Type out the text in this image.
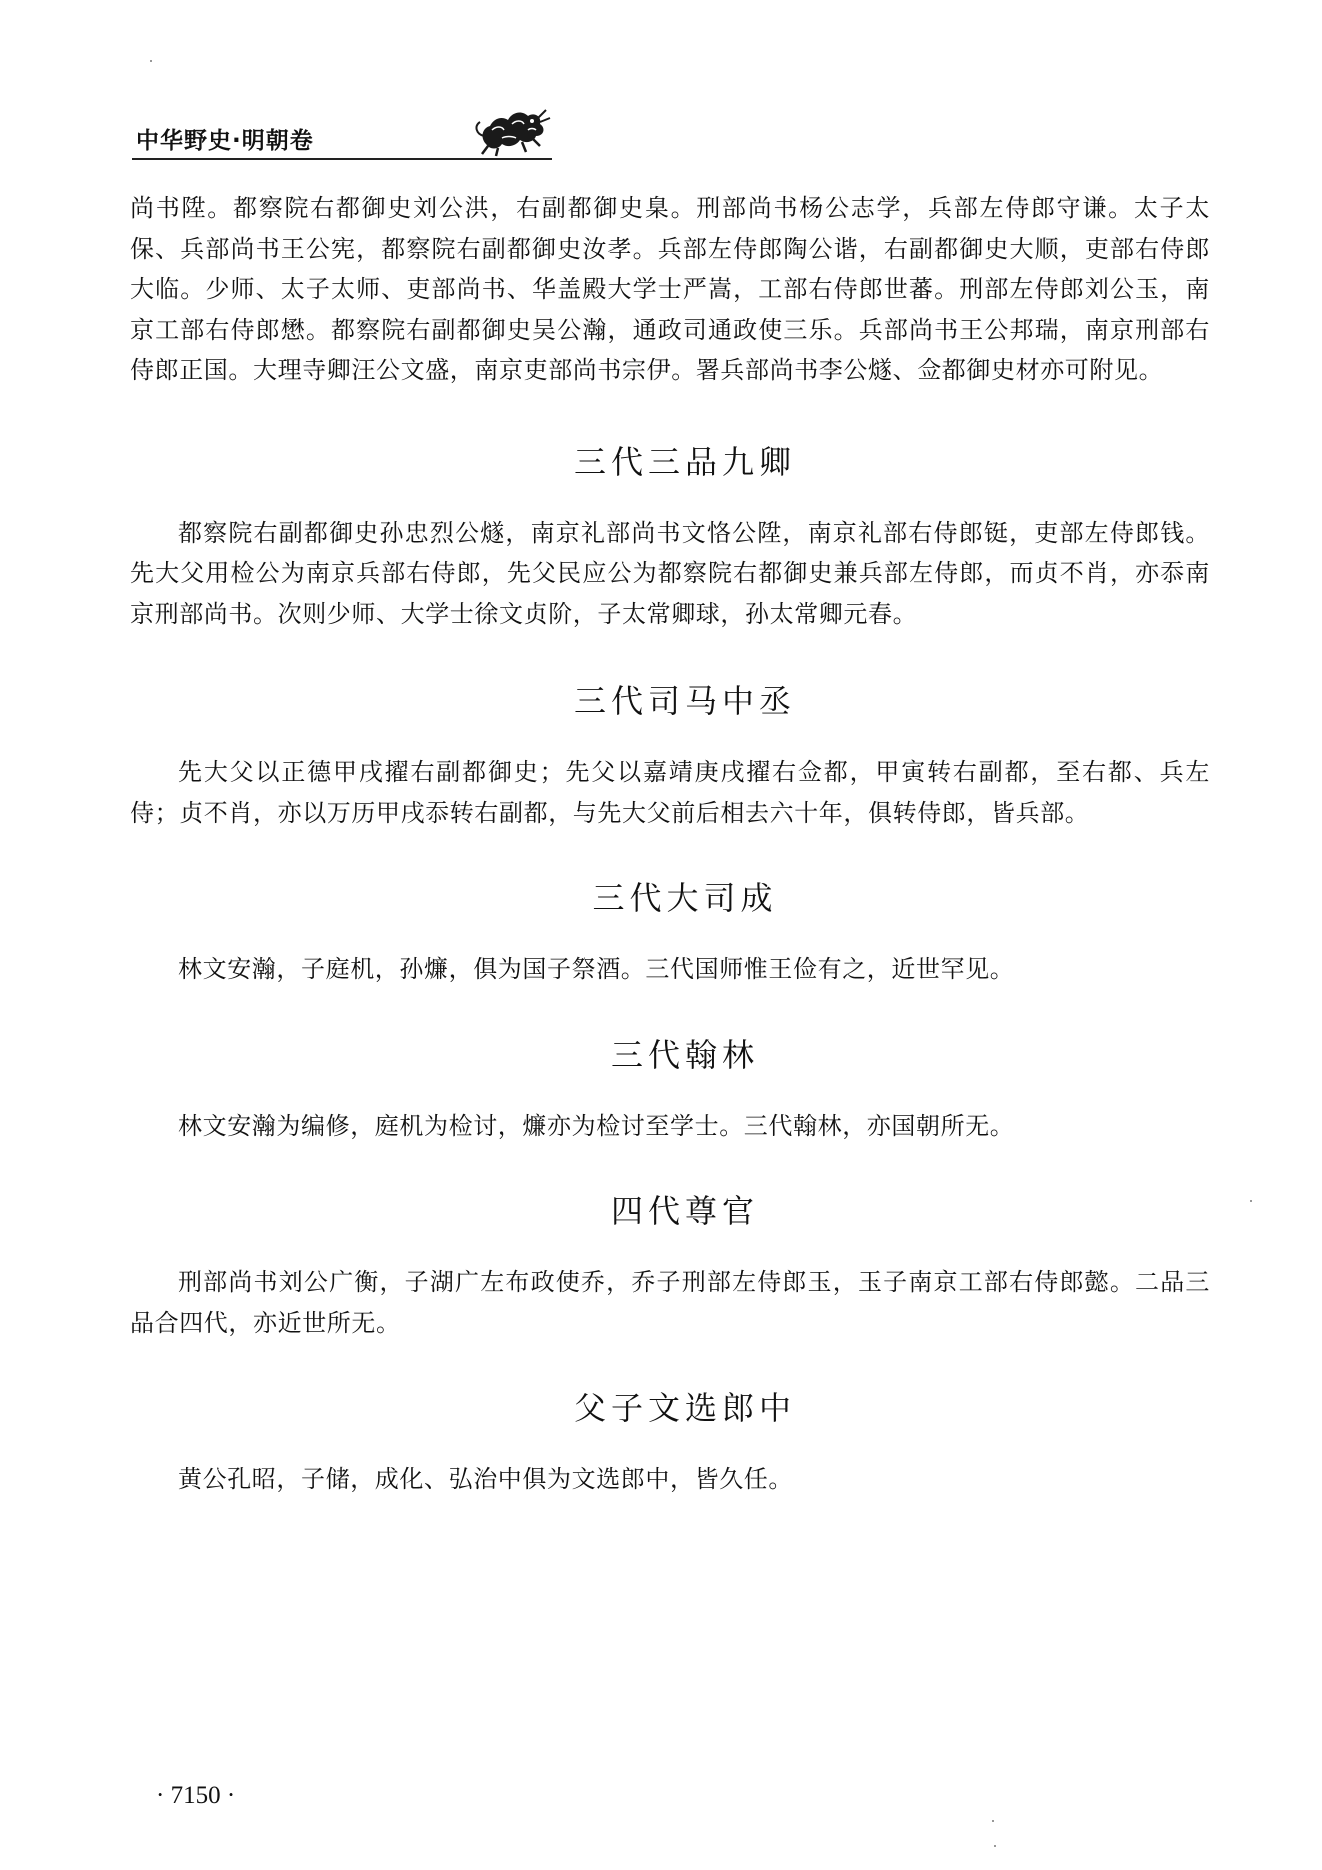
中华野史·明朝卷

尚书陞。都察院右都御史刘公洪，右副都御史臬。刑部尚书杨公志学，兵部左侍郎守谦。太子太保、兵部尚书王公宪，都察院右副都御史汝孝。兵部左侍郎陶公谐，右副都御史大顺，吏部右侍郎大临。少师、太子太师、吏部尚书、华盖殿大学士严嵩，工部右侍郎世蕃。刑部左侍郎刘公玉，南京工部右侍郎懋。都察院右副都御史吴公瀚，通政司通政使三乐。兵部尚书王公邦瑞，南京刑部右侍郎正国。大理寺卿汪公文盛，南京吏部尚书宗伊。署兵部尚书李公燧、佥都御史材亦可附见。

三代三品九卿

都察院右副都御史孙忠烈公燧，南京礼部尚书文恪公陞，南京礼部右侍郎铤，吏部左侍郎钱。先大父用检公为南京兵部右侍郎，先父民应公为都察院右都御史兼兵部左侍郎，而贞不肖，亦忝南京刑部尚书。次则少师、大学士徐文贞阶，子太常卿球，孙太常卿元春。

三代司马中丞

先大父以正德甲戌擢右副都御史；先父以嘉靖庚戌擢右佥都，甲寅转右副都，至右都、兵左侍；贞不肖，亦以万历甲戌忝转右副都，与先大父前后相去六十年，俱转侍郎，皆兵部。

三代大司成

林文安瀚，子庭机，孙燫，俱为国子祭酒。三代国师惟王俭有之，近世罕见。

三代翰林

林文安瀚为编修，庭机为检讨，燫亦为检讨至学士。三代翰林，亦国朝所无。

四代尊官

刑部尚书刘公广衡，子湖广左布政使乔，乔子刑部左侍郎玉，玉子南京工部右侍郎懿。二品三品合四代，亦近世所无。

父子文选郎中

黄公孔昭，子储，成化、弘治中俱为文选郎中，皆久任。

· 7150 ·
